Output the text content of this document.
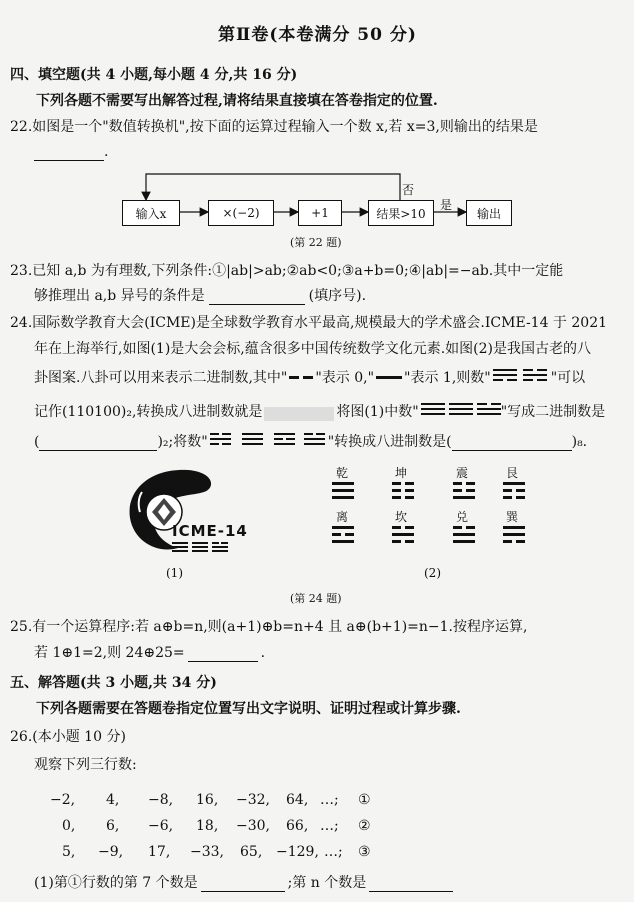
第Ⅱ卷(本卷满分 50 分)
四、填空题(共 4 小题,每小题 4 分,共 16 分)
下列各题不需要写出解答过程,请将结果直接填在答卷指定的位置.
22.如图是一个"数值转换机",按下面的运算过程输入一个数 x,若 x=3,则输出的结果是
.
输入x	×(−2)	+1	结果>10	输出
否
是
(第 22 题)
23.已知 a,b 为有理数,下列条件:①|ab|>ab;②ab<0;③a+b=0;④|ab|=−ab.其中一定能
够推理出 a,b 异号的条件是	(填序号).
24.国际数学教育大会(ICME)是全球数学教育水平最高,规模最大的学术盛会.ICME-14 于 2021
年在上海举行,如图(1)是大会会标,蕴含很多中国传统数学文化元素.如图(2)是我国古老的八
卦图案.八卦可以用来表示二进制数,其中" "表示 0," "表示 1,则数"	"可以
记作(110100)₂,转换成八进制数就是	将图(1)中数"	"写成二进制数是
(	)₂;将数"	"转换成八进制数是(	)₈.
ICME-14
(1)
乾	坤	震	艮
离	坎	兑	巽
(2)
(第 24 题)
25.有一个运算程序:若 a⊕b=n,则(a+1)⊕b=n+4 且 a⊕(b+1)=n−1.按程序运算,
若 1⊕1=2,则 24⊕25=	.
五、解答题(共 3 小题,共 34 分)
下列各题需要在答题卷指定位置写出文字说明、证明过程或计算步骤.
26.(本小题 10 分)
观察下列三行数:
−2, 4, −8, 16, −32, 64, …; ①
0, 6, −6, 18, −30, 66, …; ②
5, −9, 17, −33, 65, −129, …; ③
(1)第①行数的第 7 个数是	;第 n 个数是
